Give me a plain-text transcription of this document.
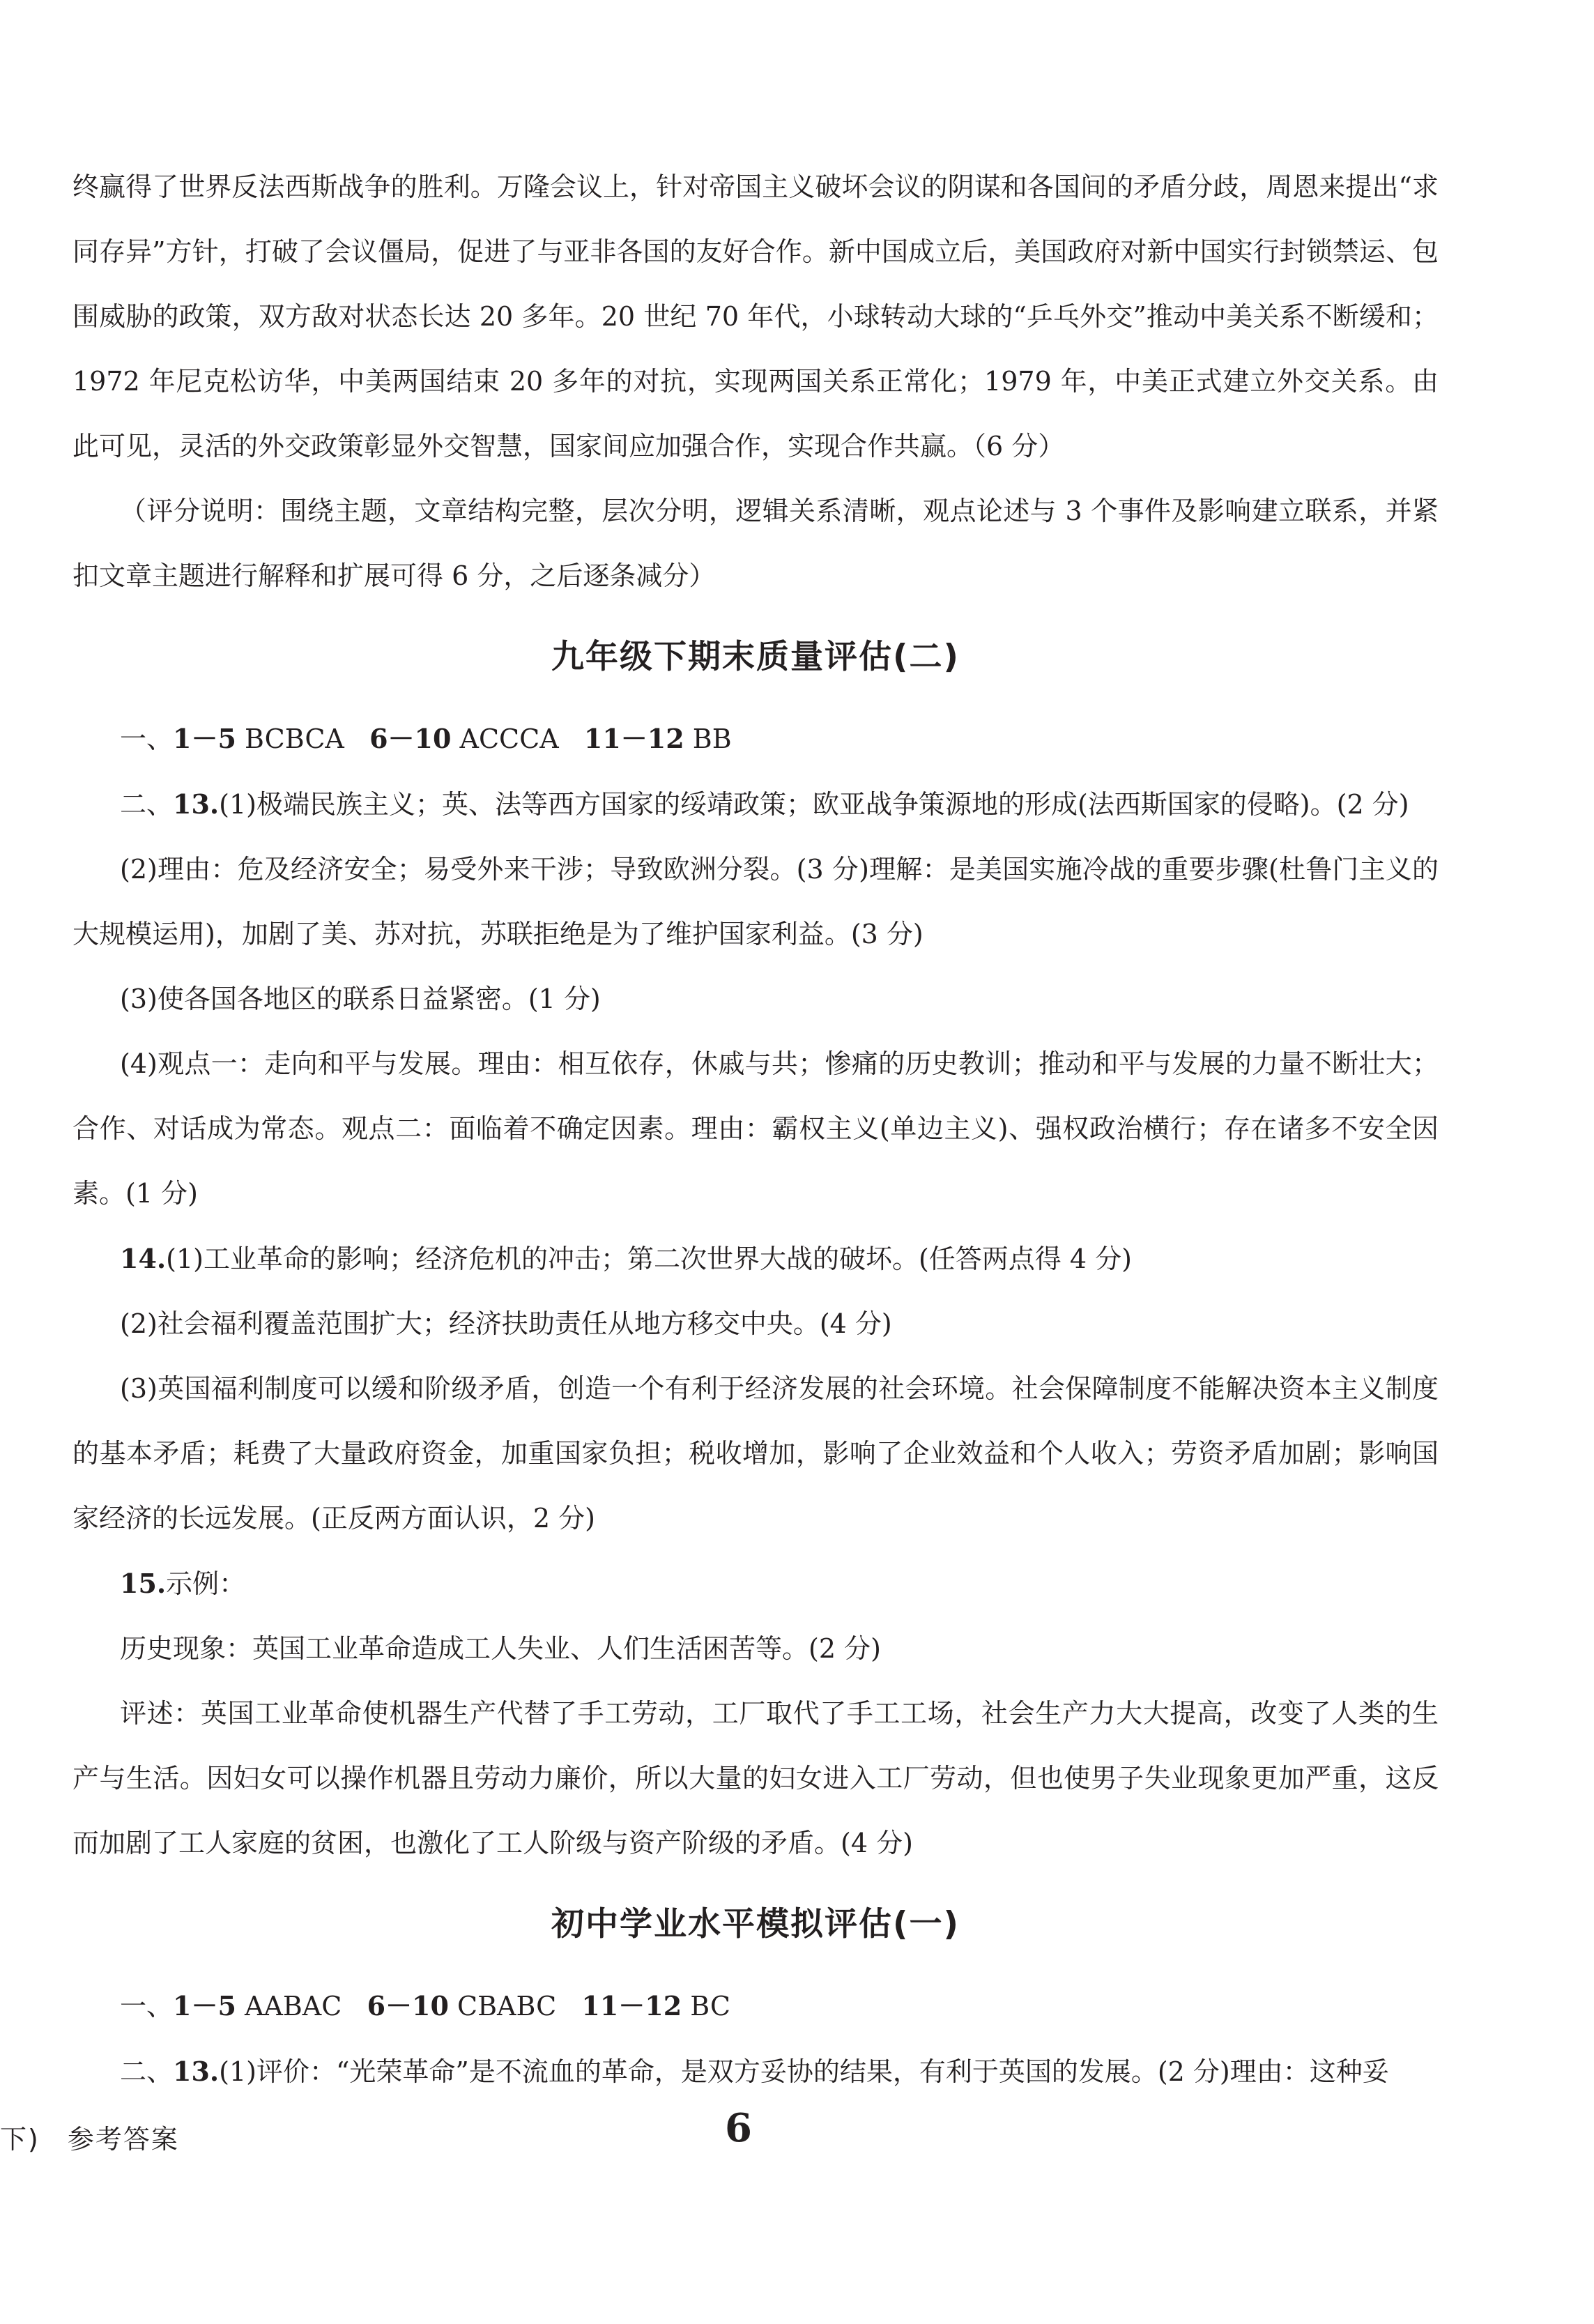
终赢得了世界反法西斯战争的胜利。万隆会议上，针对帝国主义破坏会议的阴谋和各国间的矛盾分歧，周恩来提出“求同存异”方针，打破了会议僵局，促进了与亚非各国的友好合作。新中国成立后，美国政府对新中国实行封锁禁运、包围威胁的政策，双方敌对状态长达 20 多年。20 世纪 70 年代，小球转动大球的“乒乓外交”推动中美关系不断缓和；1972 年尼克松访华，中美两国结束 20 多年的对抗，实现两国关系正常化；1979 年，中美正式建立外交关系。由此可见，灵活的外交政策彰显外交智慧，国家间应加强合作，实现合作共赢。（6 分）

（评分说明：围绕主题，文章结构完整，层次分明，逻辑关系清晰，观点论述与 3 个事件及影响建立联系，并紧扣文章主题进行解释和扩展可得 6 分，之后逐条减分）

九年级下期末质量评估(二)

一、1－5 BCBCA 6－10 ACCCA 11－12 BB

二、13.(1)极端民族主义；英、法等西方国家的绥靖政策；欧亚战争策源地的形成(法西斯国家的侵略)。(2 分)

(2)理由：危及经济安全；易受外来干涉；导致欧洲分裂。(3 分)理解：是美国实施冷战的重要步骤(杜鲁门主义的大规模运用)，加剧了美、苏对抗，苏联拒绝是为了维护国家利益。(3 分)

(3)使各国各地区的联系日益紧密。(1 分)

(4)观点一：走向和平与发展。理由：相互依存，休戚与共；惨痛的历史教训；推动和平与发展的力量不断壮大；合作、对话成为常态。观点二：面临着不确定因素。理由：霸权主义(单边主义)、强权政治横行；存在诸多不安全因素。(1 分)

14.(1)工业革命的影响；经济危机的冲击；第二次世界大战的破坏。(任答两点得 4 分)

(2)社会福利覆盖范围扩大；经济扶助责任从地方移交中央。(4 分)

(3)英国福利制度可以缓和阶级矛盾，创造一个有利于经济发展的社会环境。社会保障制度不能解决资本主义制度的基本矛盾；耗费了大量政府资金，加重国家负担；税收增加，影响了企业效益和个人收入；劳资矛盾加剧；影响国家经济的长远发展。(正反两方面认识，2 分)

15.示例：

历史现象：英国工业革命造成工人失业、人们生活困苦等。(2 分)

评述：英国工业革命使机器生产代替了手工劳动，工厂取代了手工工场，社会生产力大大提高，改变了人类的生产与生活。因妇女可以操作机器且劳动力廉价，所以大量的妇女进入工厂劳动，但也使男子失业现象更加严重，这反而加剧了工人家庭的贫困，也激化了工人阶级与资产阶级的矛盾。(4 分)

初中学业水平模拟评估(一)

一、1－5 AABAC 6－10 CBABC 11－12 BC

二、13.(1)评价：“光荣革命”是不流血的革命，是双方妥协的结果，有利于英国的发展。(2 分)理由：这种妥

下)　参考答案	6
